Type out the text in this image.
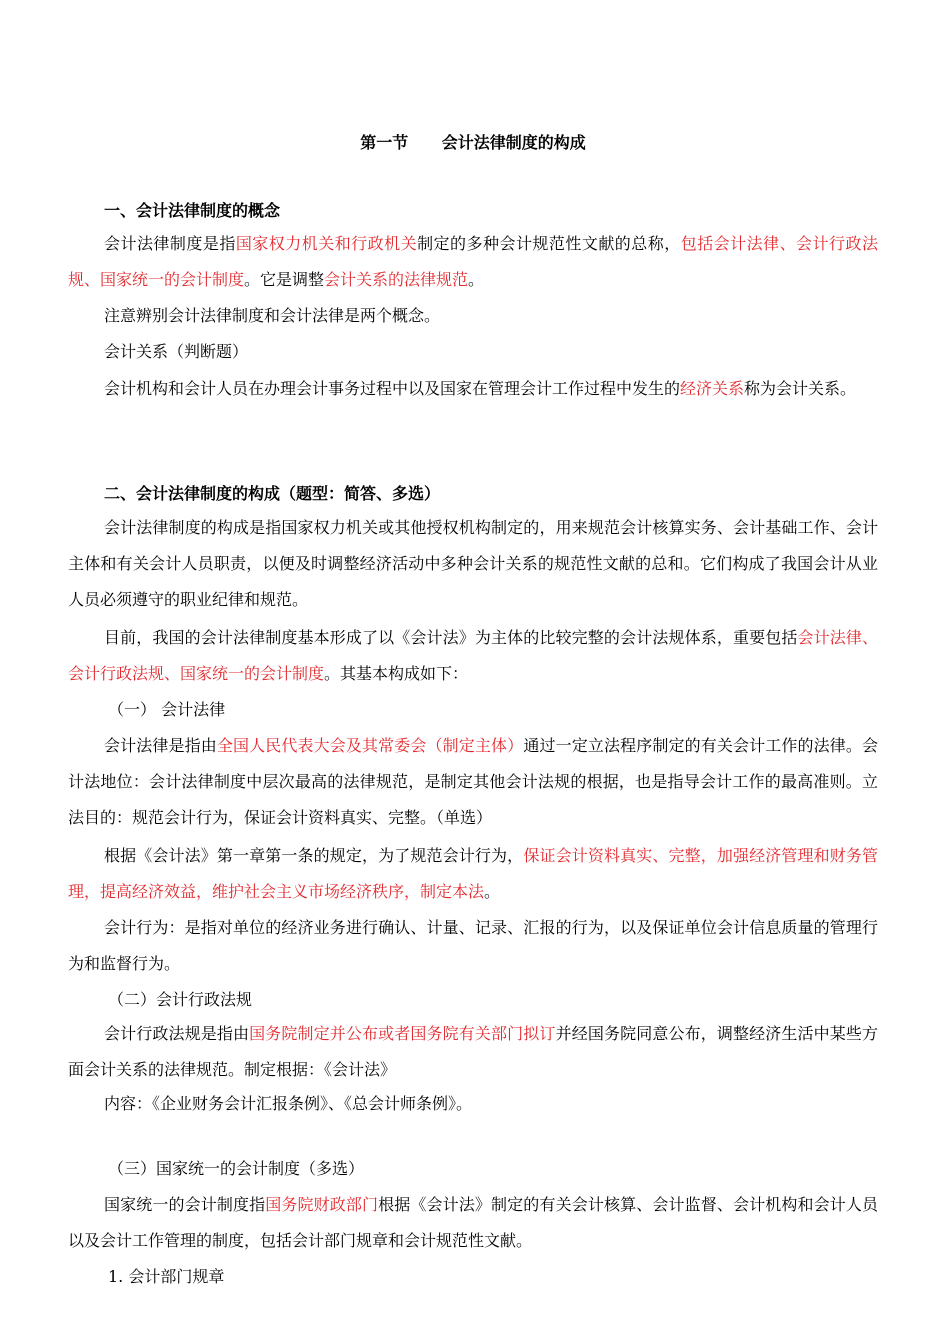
第一节      会计法律制度的构成
一、会计法律制度的概念
会计法律制度是指国家权力机关和行政机关制定的多种会计规范性文献的总称，包括会计法律、会计行政法规、国家统一的会计制度。它是调整会计关系的法律规范。
注意辨别会计法律制度和会计法律是两个概念。
会计关系（判断题）
会计机构和会计人员在办理会计事务过程中以及国家在管理会计工作过程中发生的经济关系称为会计关系。
二、会计法律制度的构成（题型：简答、多选）
会计法律制度的构成是指国家权力机关或其他授权机构制定的，用来规范会计核算实务、会计基础工作、会计主体和有关会计人员职责，以便及时调整经济活动中多种会计关系的规范性文献的总和。它们构成了我国会计从业人员必须遵守的职业纪律和规范。
目前，我国的会计法律制度基本形成了以《会计法》为主体的比较完整的会计法规体系，重要包括会计法律、会计行政法规、国家统一的会计制度。其基本构成如下：
（一） 会计法律
会计法律是指由全国人民代表大会及其常委会（制定主体）通过一定立法程序制定的有关会计工作的法律。会计法地位：会计法律制度中层次最高的法律规范，是制定其他会计法规的根据，也是指导会计工作的最高准则。立法目的：规范会计行为，保证会计资料真实、完整。（单选）
根据《会计法》第一章第一条的规定，为了规范会计行为，保证会计资料真实、完整，加强经济管理和财务管理，提高经济效益，维护社会主义市场经济秩序，制定本法。
会计行为：是指对单位的经济业务进行确认、计量、记录、汇报的行为，以及保证单位会计信息质量的管理行为和监督行为。
（二）会计行政法规
会计行政法规是指由国务院制定并公布或者国务院有关部门拟订并经国务院同意公布，调整经济生活中某些方面会计关系的法律规范。制定根据：《会计法》
内容：《企业财务会计汇报条例》、《总会计师条例》。
（三）国家统一的会计制度（多选）
国家统一的会计制度指国务院财政部门根据《会计法》制定的有关会计核算、会计监督、会计机构和会计人员以及会计工作管理的制度，包括会计部门规章和会计规范性文献。
1. 会计部门规章
